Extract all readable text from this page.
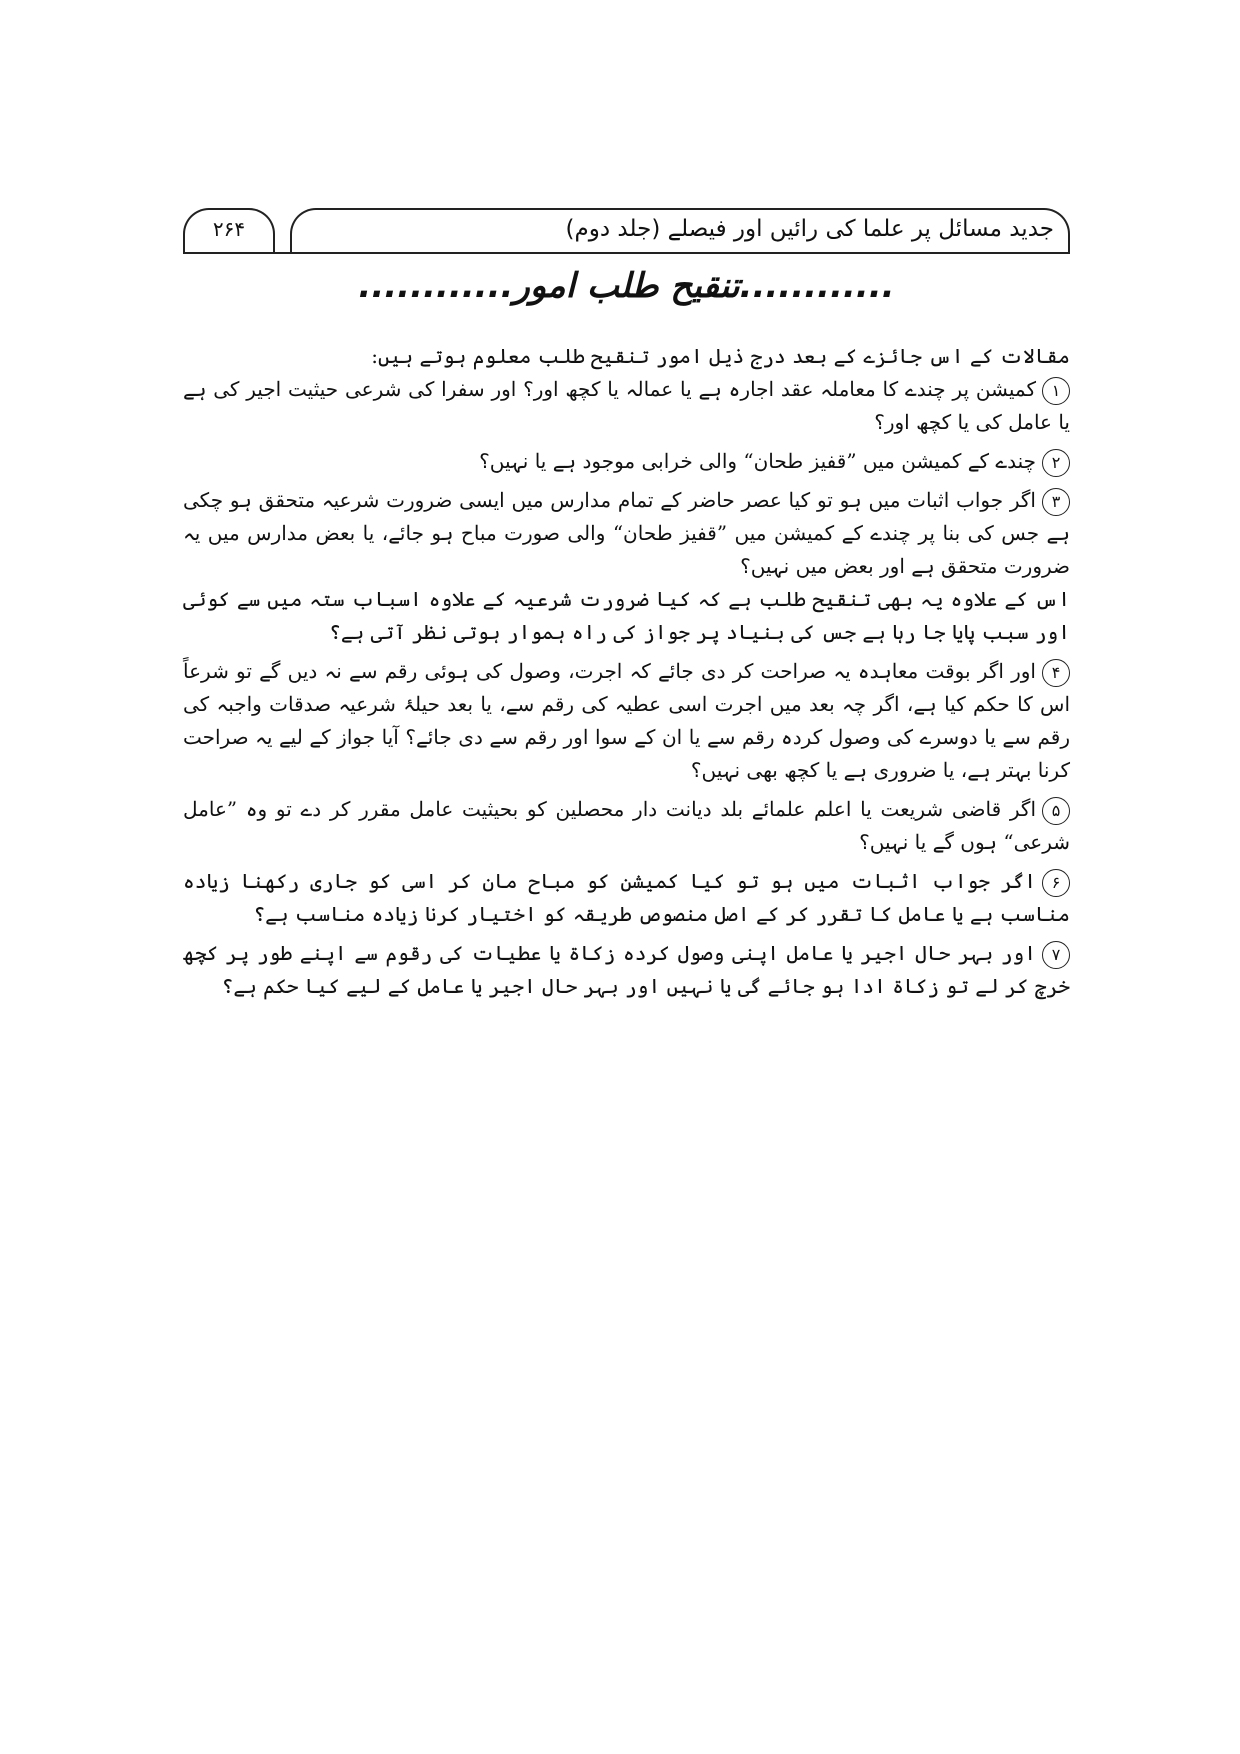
جدید مسائل پر علما کی رائیں اور فیصلے (جلد دوم)
۲۶۴
............تنقیح طلب امور............

مقالات کے اس جائزے کے بعد درج ذیل امور تنقیح طلب معلوم ہوتے ہیں:

۱کمیشن پر چندے کا معاملہ عقد اجارہ ہے یا عمالہ یا کچھ اور؟ اور سفرا کی شرعی حیثیت اجیر کی ہے یا عامل کی یا کچھ اور؟
۲چندے کے کمیشن میں ”قفیز طحان“ والی خرابی موجود ہے یا نہیں؟
۳اگر جواب اثبات میں ہو تو کیا عصر حاضر کے تمام مدارس میں ایسی ضرورت شرعیہ متحقق ہو چکی ہے جس کی بنا پر چندے کے کمیشن میں ”قفیز طحان“ والی صورت مباح ہو جائے، یا بعض مدارس میں یہ ضرورت متحقق ہے اور بعض میں نہیں؟
اس کے علاوہ یہ بھی تنقیح طلب ہے کہ کیا ضرورت شرعیہ کے علاوہ اسباب ستہ میں سے کوئی اور سبب پایا جا رہا ہے جس کی بنیاد پر جواز کی راہ ہموار ہوتی نظر آتی ہے؟
۴اور اگر بوقت معاہدہ یہ صراحت کر دی جائے کہ اجرت، وصول کی ہوئی رقم سے نہ دیں گے تو شرعاً اس کا حکم کیا ہے، اگر چہ بعد میں اجرت اسی عطیہ کی رقم سے، یا بعد حیلۂ شرعیہ صدقات واجبہ کی رقم سے یا دوسرے کی وصول کردہ رقم سے یا ان کے سوا اور رقم سے دی جائے؟ آیا جواز کے لیے یہ صراحت کرنا بہتر ہے، یا ضروری ہے یا کچھ بھی نہیں؟
۵اگر قاضی شریعت یا اعلم علمائے بلد دیانت دار محصلین کو بحیثیت عامل مقرر کر دے تو وہ ”عامل شرعی“ ہوں گے یا نہیں؟
۶اگر جواب اثبات میں ہو تو کیا کمیشن کو مباح مان کر اسی کو جاری رکھنا زیادہ مناسب ہے یا عامل کا تقرر کر کے اصل منصوص طریقہ کو اختیار کرنا زیادہ مناسب ہے؟
۷اور بہر حال اجیر یا عامل اپنی وصول کردہ زکاۃ یا عطیات کی رقوم سے اپنے طور پر کچھ خرچ کر لے تو زکاۃ ادا ہو جائے گی یا نہیں اور بہر حال اجیر یا عامل کے لیے کیا حکم ہے؟
